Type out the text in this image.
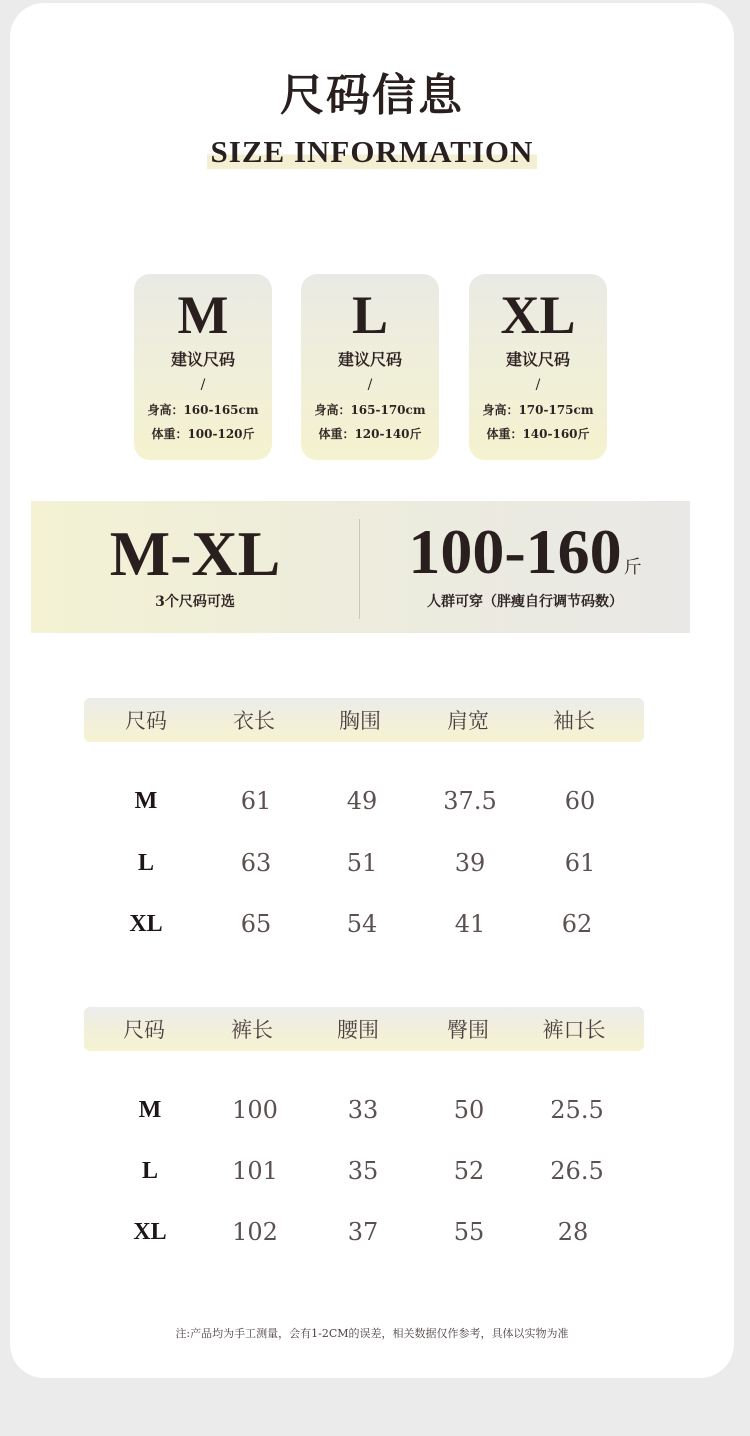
尺码信息
SIZE INFORMATION
M
建议尺码
/
身高：160-165cm
体重：100-120斤
L
建议尺码
/
身高：165-170cm
体重：120-140斤
XL
建议尺码
/
身高：170-175cm
体重：140-160斤
M-XL
3个尺码可选
100-160 斤
人群可穿（胖瘦自行调节码数）
尺码	衣长	胸围	肩宽	袖长
M	61	49	37.5	60
L	63	51	39	61
XL	65	54	41	62
尺码	裤长	腰围	臀围	裤口长
M	100	33	50	25.5
L	101	35	52	26.5
XL	102	37	55	28
注:产品均为手工测量，会有1-2CM的误差，相关数据仅作参考，具体以实物为准
